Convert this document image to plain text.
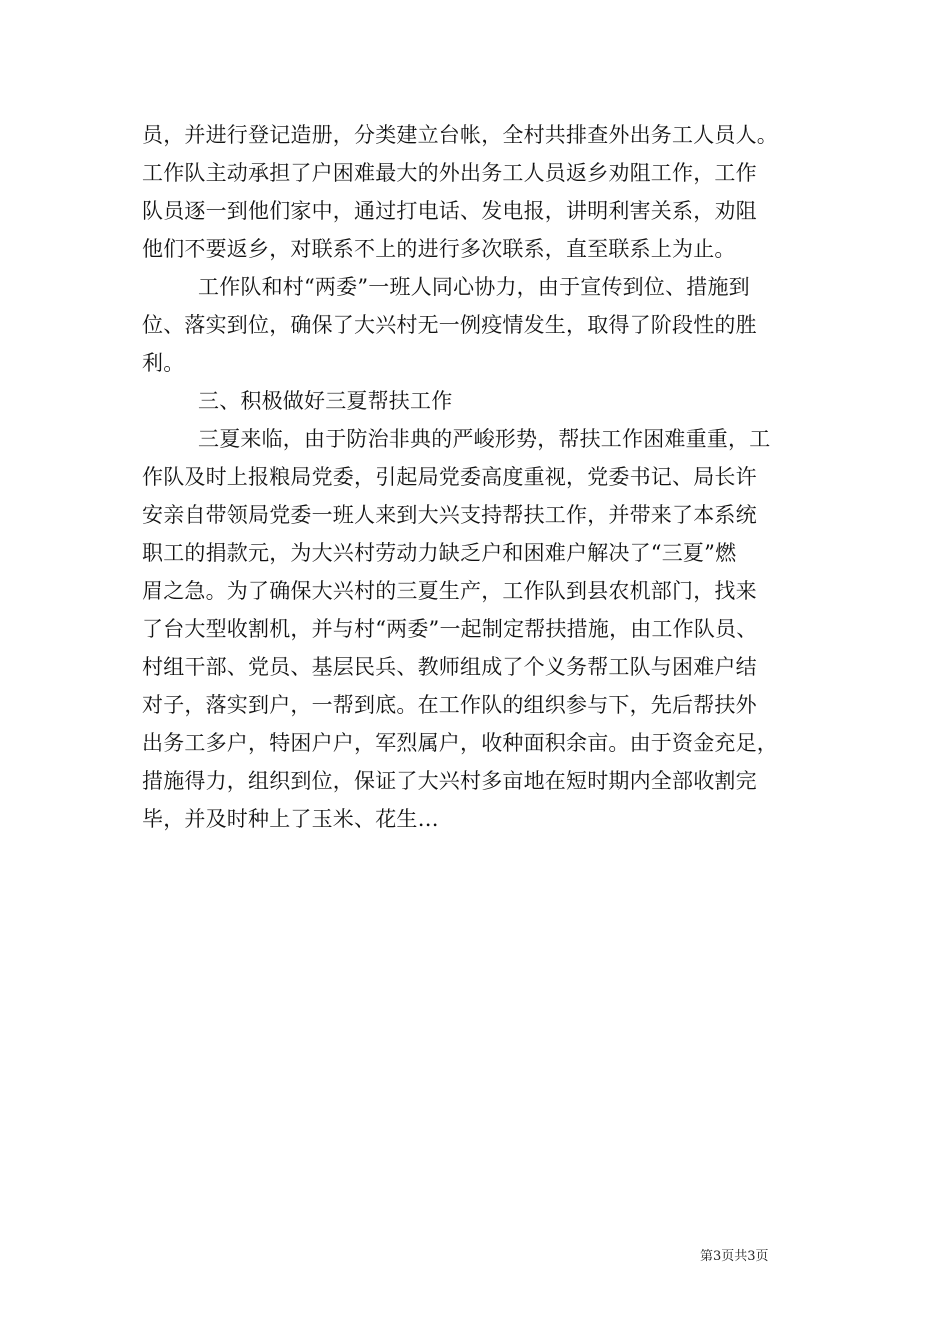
员，并进行登记造册，分类建立台帐，全村共排查外出务工人员人。
工作队主动承担了户困难最大的外出务工人员返乡劝阻工作，工作
队员逐一到他们家中，通过打电话、发电报，讲明利害关系，劝阻
他们不要返乡，对联系不上的进行多次联系，直至联系上为止。
工作队和村“两委”一班人同心协力，由于宣传到位、措施到
位、落实到位，确保了大兴村无一例疫情发生，取得了阶段性的胜
利。
三、积极做好三夏帮扶工作
三夏来临，由于防治非典的严峻形势，帮扶工作困难重重，工
作队及时上报粮局党委，引起局党委高度重视，党委书记、局长许
安亲自带领局党委一班人来到大兴支持帮扶工作，并带来了本系统
职工的捐款元，为大兴村劳动力缺乏户和困难户解决了“三夏”燃
眉之急。为了确保大兴村的三夏生产，工作队到县农机部门，找来
了台大型收割机，并与村“两委”一起制定帮扶措施，由工作队员、
村组干部、党员、基层民兵、教师组成了个义务帮工队与困难户结
对子，落实到户，一帮到底。在工作队的组织参与下，先后帮扶外
出务工多户，特困户户，军烈属户，收种面积余亩。由于资金充足，
措施得力，组织到位，保证了大兴村多亩地在短时期内全部收割完
毕，并及时种上了玉米、花生…
第3页共3页
